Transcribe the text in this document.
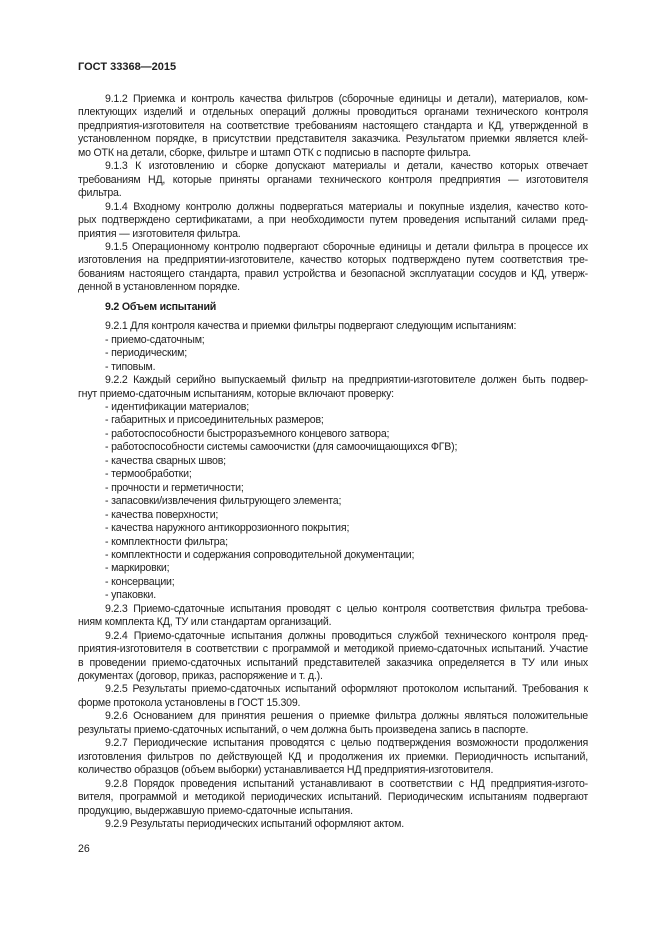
ГОСТ 33368—2015
9.1.2 Приемка и контроль качества фильтров (сборочные единицы и детали), материалов, ком-
плектующих изделий и отдельных операций должны проводиться органами технического контроля
предприятия-изготовителя на соответствие требованиям настоящего стандарта и КД, утвержденной в
установленном порядке, в присутствии представителя заказчика. Результатом приемки является клей-
мо ОТК на детали, сборке, фильтре и штамп ОТК с подписью в паспорте фильтра.
9.1.3 К изготовлению и сборке допускают материалы и детали, качество которых отвечает
требованиям НД, которые приняты органами технического контроля предприятия — изготовителя
фильтра.
9.1.4 Входному контролю должны подвергаться материалы и покупные изделия, качество кото-
рых подтверждено сертификатами, а при необходимости путем проведения испытаний силами пред-
приятия — изготовителя фильтра.
9.1.5 Операционному контролю подвергают сборочные единицы и детали фильтра в процессе их
изготовления на предприятии-изготовителе, качество которых подтверждено путем соответствия тре-
бованиям настоящего стандарта, правил устройства и безопасной эксплуатации сосудов и КД, утверж-
денной в установленном порядке.
9.2 Объем испытаний
9.2.1 Для контроля качества и приемки фильтры подвергают следующим испытаниям:
- приемо-сдаточным;
- периодическим;
- типовым.
9.2.2 Каждый серийно выпускаемый фильтр на предприятии-изготовителе должен быть подвер-
гнут приемо-сдаточным испытаниям, которые включают проверку:
- идентификации материалов;
- габаритных и присоединительных размеров;
- работоспособности быстроразъемного концевого затвора;
- работоспособности системы самоочистки (для самоочищающихся ФГВ);
- качества сварных швов;
- термообработки;
- прочности и герметичности;
- запасовки/извлечения фильтрующего элемента;
- качества поверхности;
- качества наружного антикоррозионного покрытия;
- комплектности фильтра;
- комплектности и содержания сопроводительной документации;
- маркировки;
- консервации;
- упаковки.
9.2.3 Приемо-сдаточные испытания проводят с целью контроля соответствия фильтра требова-
ниям комплекта КД, ТУ или стандартам организаций.
9.2.4 Приемо-сдаточные испытания должны проводиться службой технического контроля пред-
приятия-изготовителя в соответствии с программой и методикой приемо-сдаточных испытаний. Участие
в проведении приемо-сдаточных испытаний представителей заказчика определяется в ТУ или иных
документах (договор, приказ, распоряжение и т. д.).
9.2.5 Результаты приемо-сдаточных испытаний оформляют протоколом испытаний. Требования к
форме протокола установлены в ГОСТ 15.309.
9.2.6 Основанием для принятия решения о приемке фильтра должны являться положительные
результаты приемо-сдаточных испытаний, о чем должна быть произведена запись в паспорте.
9.2.7 Периодические испытания проводятся с целью подтверждения возможности продолжения
изготовления фильтров по действующей КД и продолжения их приемки. Периодичность испытаний,
количество образцов (объем выборки) устанавливается НД предприятия-изготовителя.
9.2.8 Порядок проведения испытаний устанавливают в соответствии с НД предприятия-изгото-
вителя, программой и методикой периодических испытаний. Периодическим испытаниям подвергают
продукцию, выдержавшую приемо-сдаточные испытания.
9.2.9 Результаты периодических испытаний оформляют актом.
26
